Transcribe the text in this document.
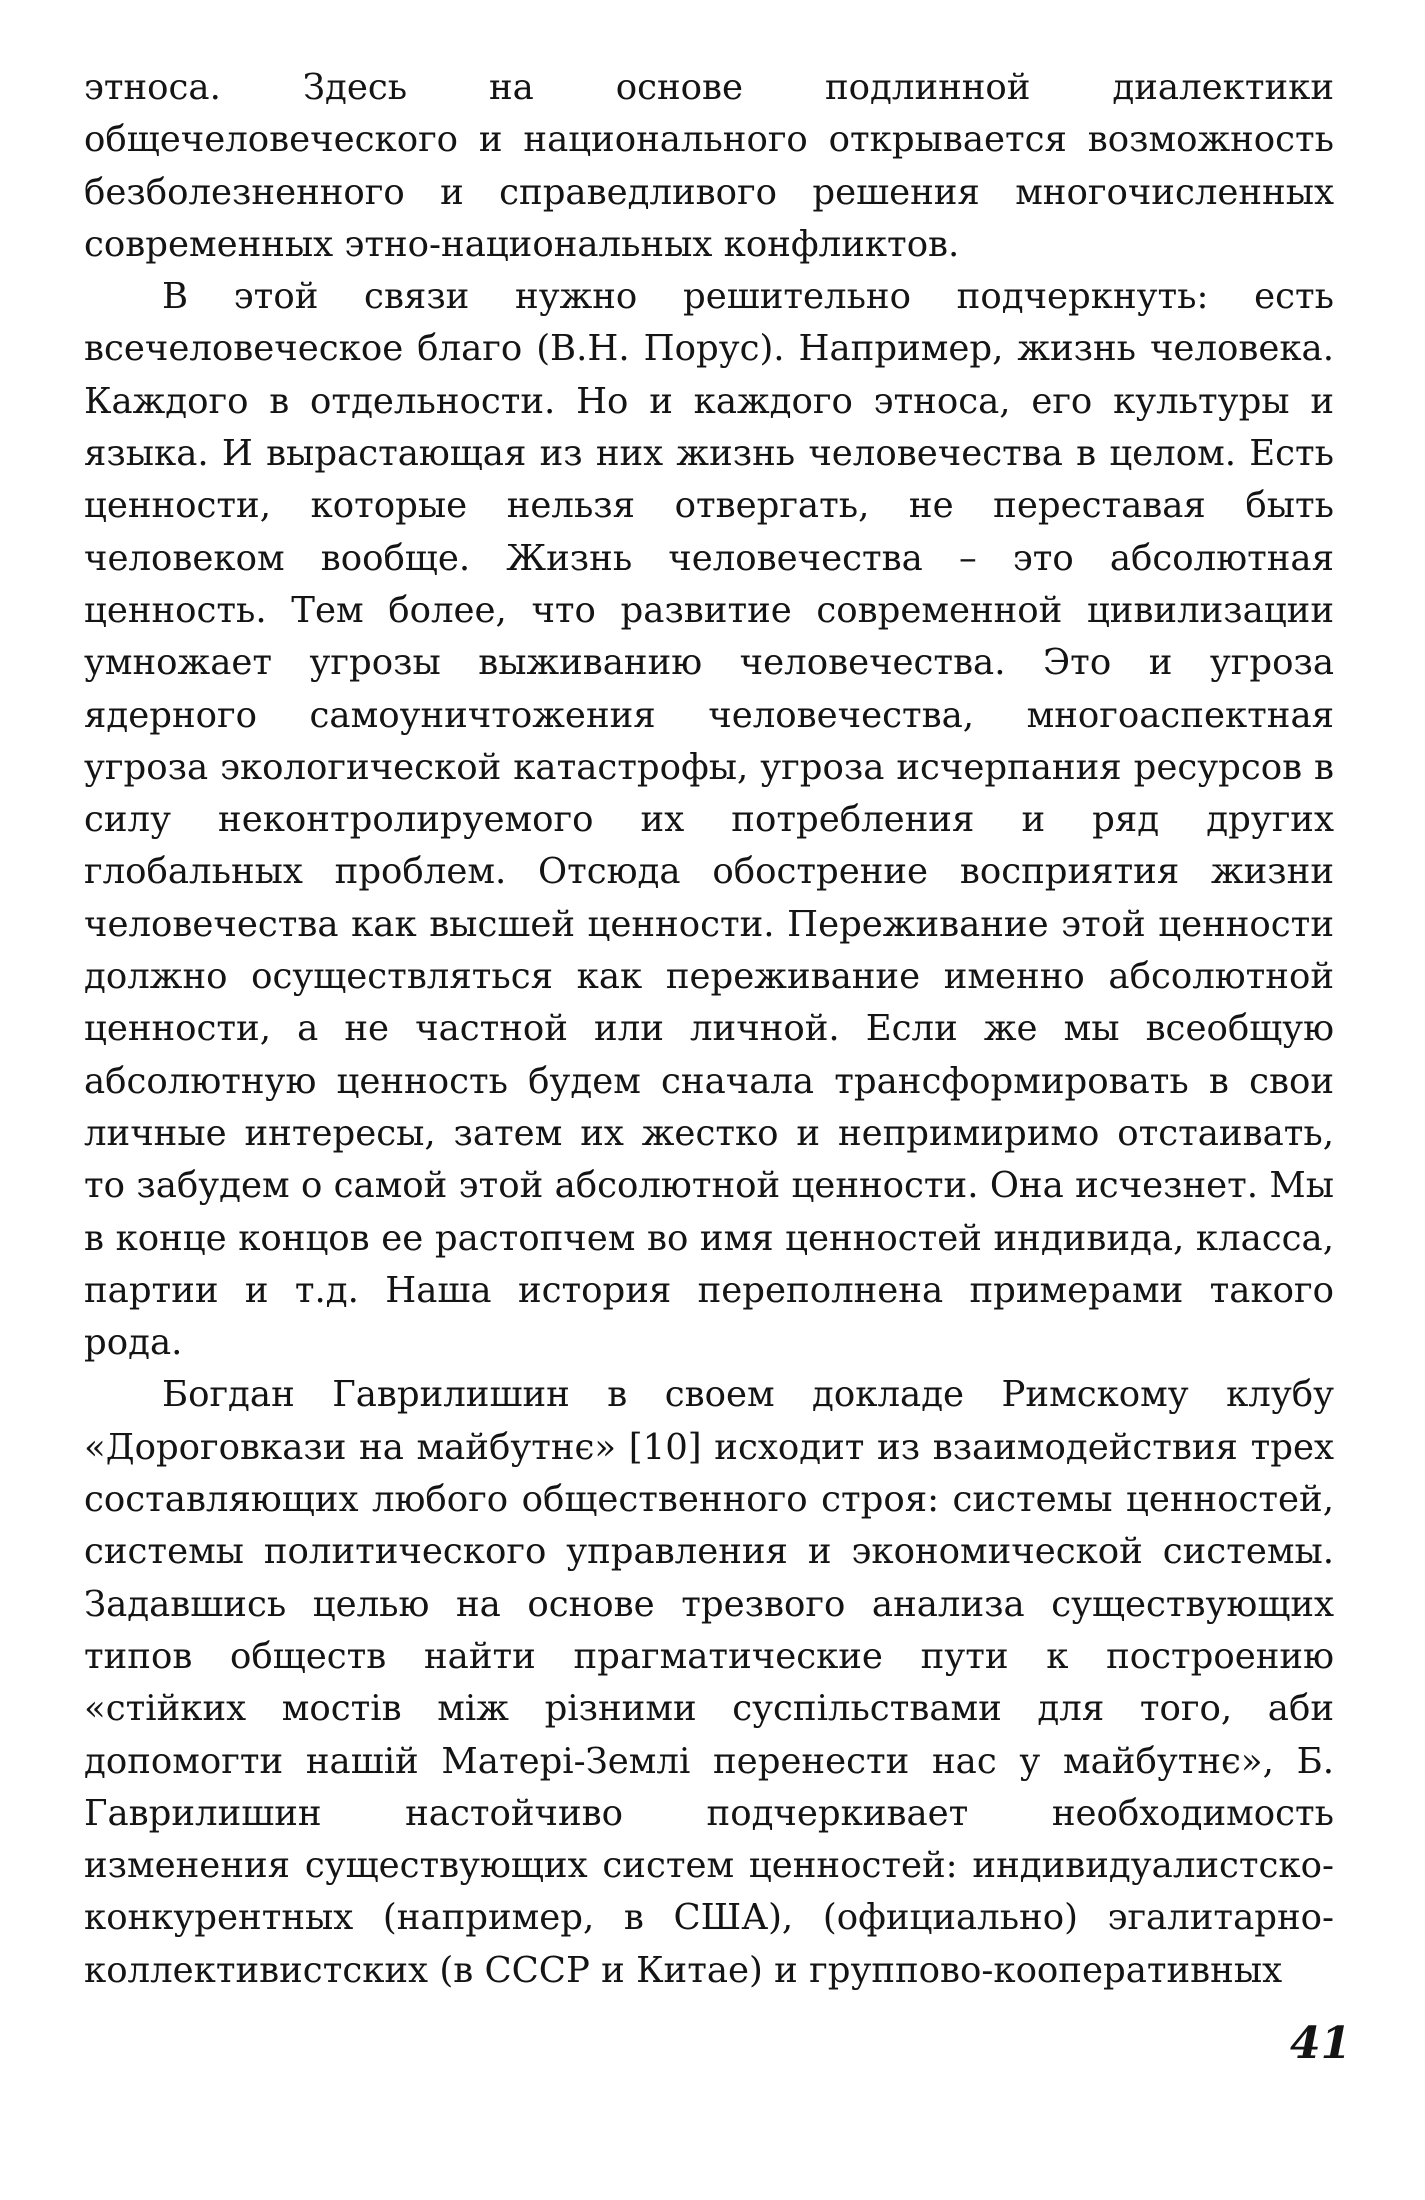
этноса. Здесь на основе подлинной диалектики общечеловеческого и национального открывается возможность безболезненного и справедливого решения многочисленных современных этно-национальных конфликтов.

В этой связи нужно решительно подчеркнуть: есть всечеловеческое благо (В.Н. Порус). Например, жизнь человека. Каждого в отдельности. Но и каждого этноса, его культуры и языка. И вырастающая из них жизнь человечества в целом. Есть ценности, которые нельзя отвергать, не переставая быть человеком вообще. Жизнь человечества – это абсолютная ценность. Тем более, что развитие современной цивилизации умножает угрозы выживанию человечества. Это и угроза ядерного самоуничтожения человечества, многоаспектная угроза экологической катастрофы, угроза исчерпания ресурсов в силу неконтролируемого их потребления и ряд других глобальных проблем. Отсюда обострение восприятия жизни человечества как высшей ценности. Переживание этой ценности должно осуществляться как переживание именно абсолютной ценности, а не частной или личной. Если же мы всеобщую абсолютную ценность будем сначала трансформировать в свои личные интересы, затем их жестко и непримиримо отстаивать, то забудем о самой этой абсолютной ценности. Она исчезнет. Мы в конце концов ее растопчем во имя ценностей индивида, класса, партии и т.д. Наша история переполнена примерами такого рода.

Богдан Гаврилишин в своем докладе Римскому клубу «Дороговкази на майбутнє» [10] исходит из взаимодействия трех составляющих любого общественного строя: системы ценностей, системы политического управления и экономической системы. Задавшись целью на основе трезвого анализа существующих типов обществ найти прагматические пути к построению «стійких мостів між різними суспільствами для того, аби допомогти нашій Матері-Землі перенести нас у майбутнє», Б. Гаврилишин настойчиво подчеркивает необходимость изменения существующих систем ценностей: индивидуалистско-конкурентных (например, в США), (официально) эгалитарно-коллективистских (в СССР и Китае) и группово-кооперативных

41
